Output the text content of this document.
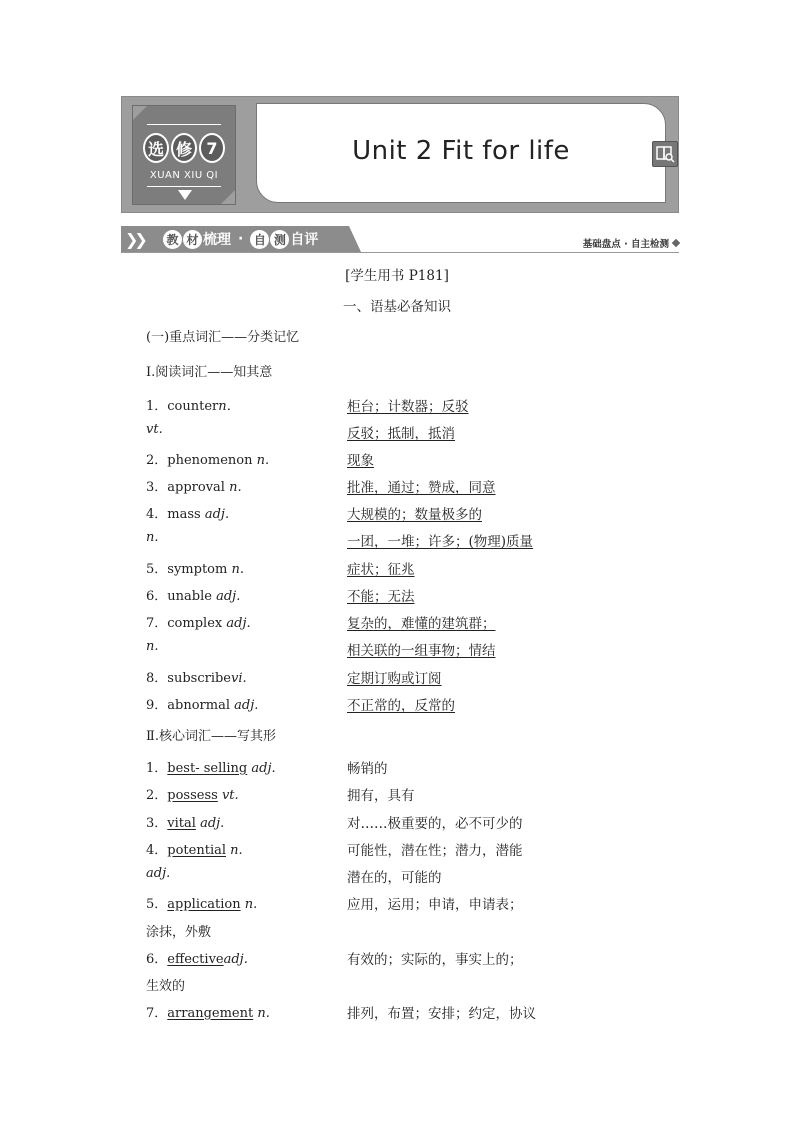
选 修 7
XUAN XIU QI
Unit 2 Fit for life
❯❯ 教 材 梳理 · 自 测 自评	基础盘点 · 自主检测
[学生用书 P181]
一、语基必备知识
(一)重点词汇——分类记忆
Ⅰ.阅读词汇——知其意
1．countern．	柜台；计数器；反驳
vt.	反驳；抵制，抵消
2．phenomenon n.	现象
3．approval n.	批准，通过；赞成，同意
4．mass adj.	大规模的；数量极多的
n.	一团，一堆；许多；(物理)质量
5．symptom n.	症状；征兆
6．unable adj.	不能；无法
7．complex adj.	复杂的，难懂的建筑群；
n.	相关联的一组事物；情结
8．subscribevi.	定期订购或订阅
9．abnormal adj.	不正常的，反常的
Ⅱ.核心词汇——写其形
1．best- selling adj.	畅销的
2．possess vt.	拥有，具有
3．vital adj.	对……极重要的，必不可少的
4．potential n.	可能性，潜在性；潜力，潜能
adj.	潜在的，可能的
5．application n.	应用，运用；申请，申请表；
涂抹，外敷
6．effectiveadj.	有效的；实际的，事实上的；
生效的
7．arrangement n.	排列，布置；安排；约定，协议
